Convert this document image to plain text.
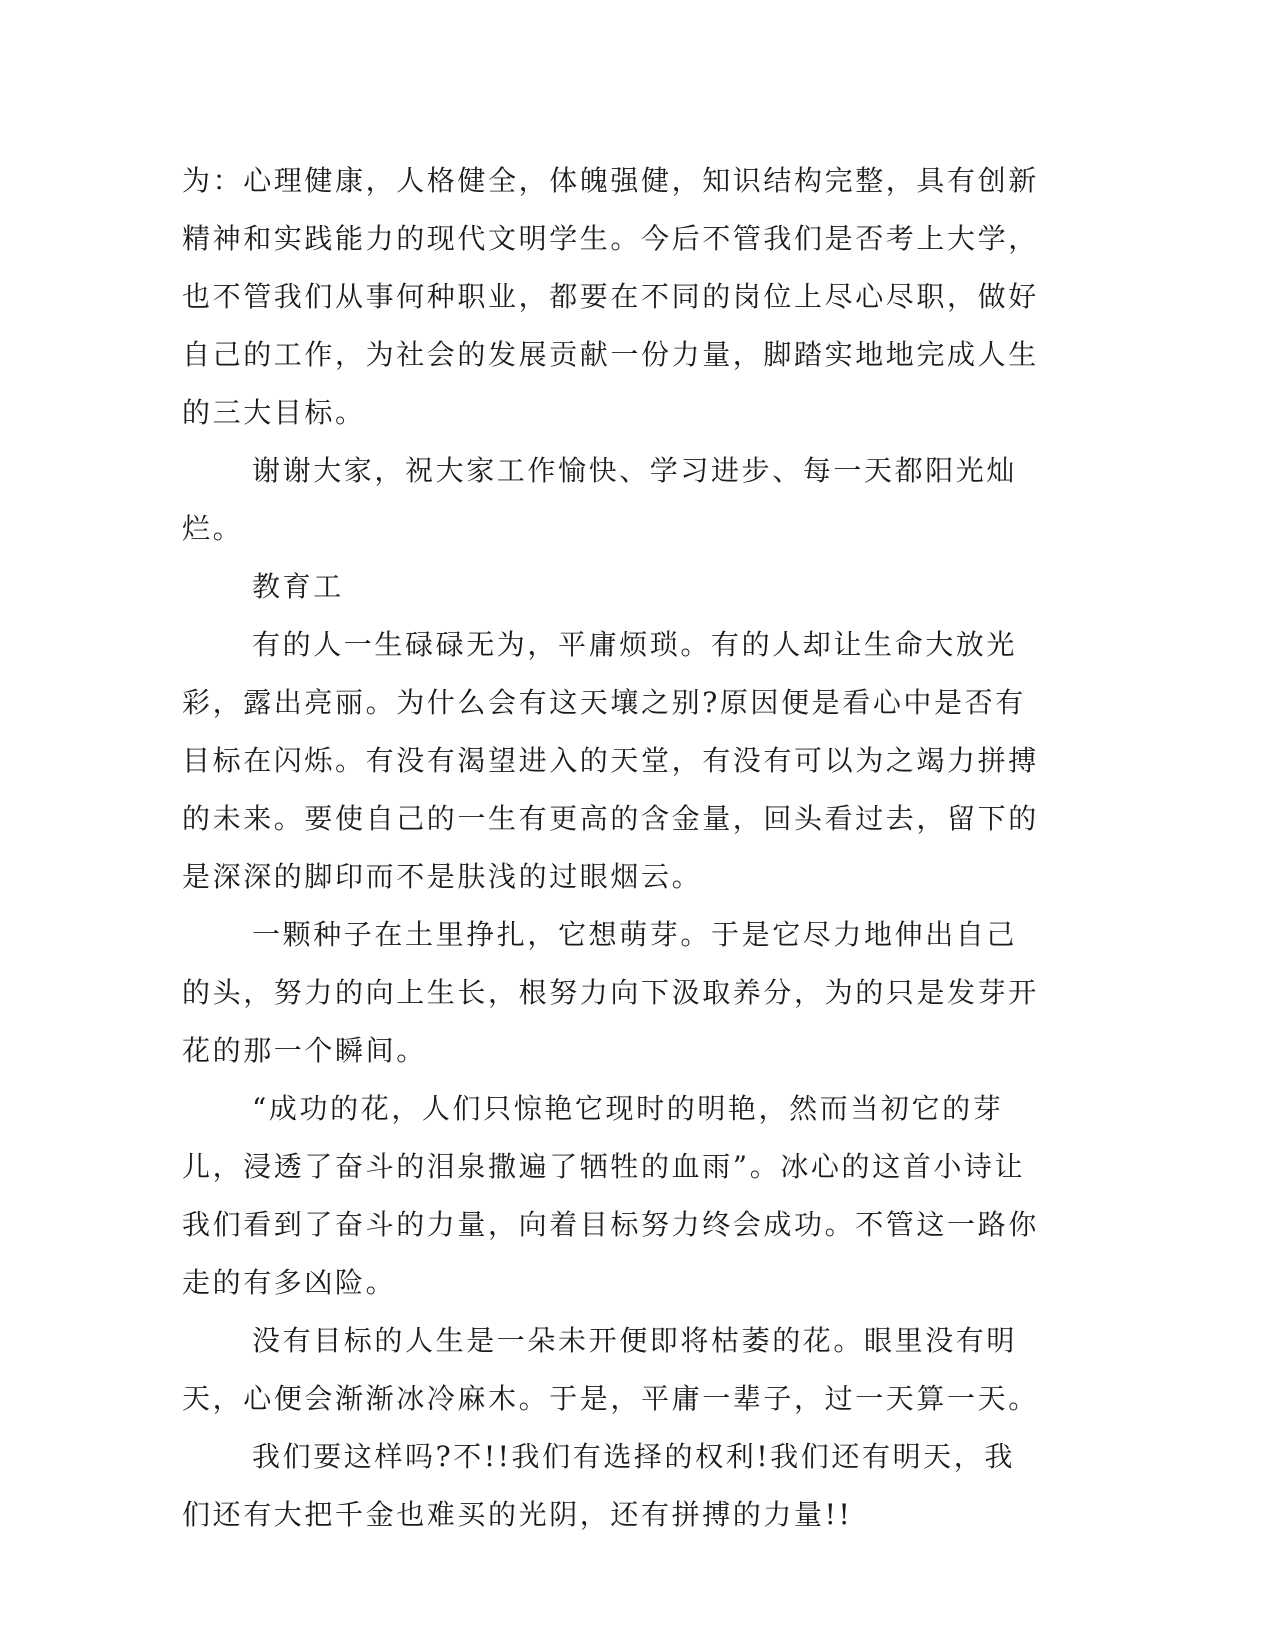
为：心理健康，人格健全，体魄强健，知识结构完整，具有创新精神和实践能力的现代文明学生。今后不管我们是否考上大学，也不管我们从事何种职业，都要在不同的岗位上尽心尽职，做好自己的工作，为社会的发展贡献一份力量，脚踏实地地完成人生的三大目标。

谢谢大家，祝大家工作愉快、学习进步、每一天都阳光灿烂。

教育工

有的人一生碌碌无为，平庸烦琐。有的人却让生命大放光彩，露出亮丽。为什么会有这天壤之别?原因便是看心中是否有目标在闪烁。有没有渴望进入的天堂，有没有可以为之竭力拼搏的未来。要使自己的一生有更高的含金量，回头看过去，留下的是深深的脚印而不是肤浅的过眼烟云。

一颗种子在土里挣扎，它想萌芽。于是它尽力地伸出自己的头，努力的向上生长，根努力向下汲取养分，为的只是发芽开花的那一个瞬间。

“成功的花，人们只惊艳它现时的明艳，然而当初它的芽儿，浸透了奋斗的泪泉撒遍了牺牲的血雨”。冰心的这首小诗让我们看到了奋斗的力量，向着目标努力终会成功。不管这一路你走的有多凶险。

没有目标的人生是一朵未开便即将枯萎的花。眼里没有明天，心便会渐渐冰冷麻木。于是，平庸一辈子，过一天算一天。

我们要这样吗?不!!我们有选择的权利!我们还有明天，我们还有大把千金也难买的光阴，还有拼搏的力量!!
